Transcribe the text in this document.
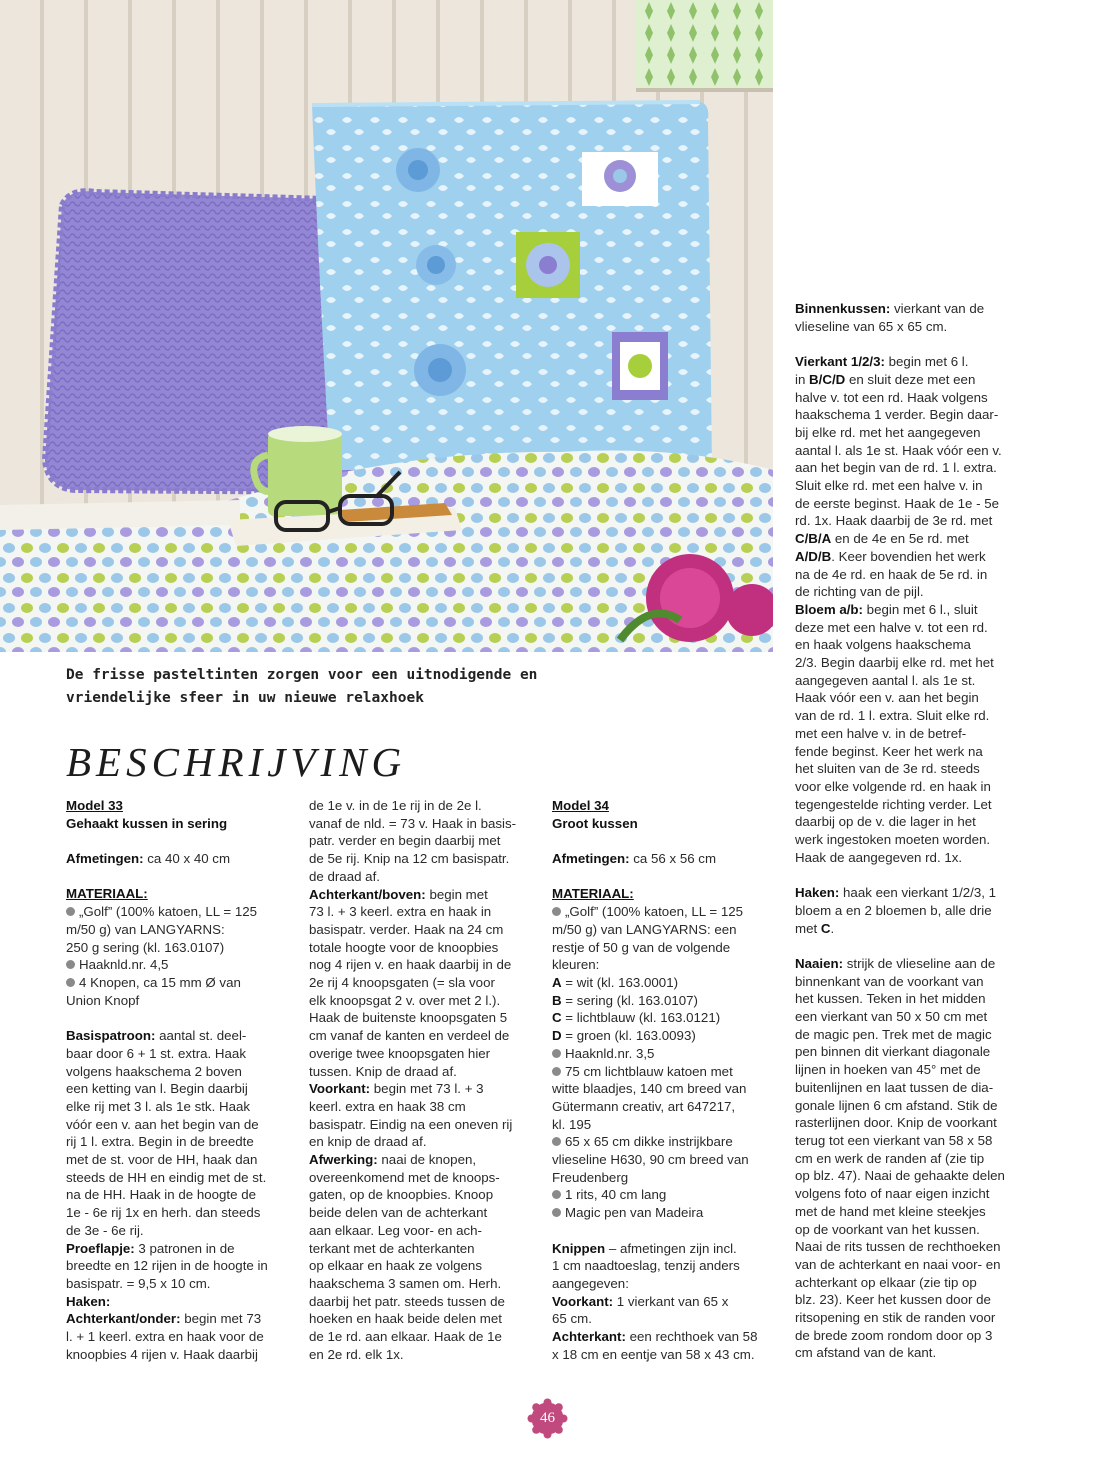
De frisse pasteltinten zorgen voor een uitnodigende en
vriendelijke sfeer in uw nieuwe relaxhoek

BESCHRIJVING

Model 33

Gehaakt kussen in sering

Afmetingen: ca 40 x 40 cm

MATERIAAL:

„Golf” (100% katoen, LL = 125

m/50 g) van LANGYARNS:

250 g sering (kl. 163.0107)

Haaknld.nr. 4,5

4 Knopen, ca 15 mm Ø van

Union Knopf

Basispatroon: aantal st. deel-

baar door 6 + 1 st. extra. Haak

volgens haakschema 2 boven

een ketting van l. Begin daarbij

elke rij met 3 l. als 1e stk. Haak

vóór een v. aan het begin van de

rij 1 l. extra. Begin in de breedte

met de st. voor de HH, haak dan

steeds de HH en eindig met de st.

na de HH. Haak in de hoogte de

1e - 6e rij 1x en herh. dan steeds

de 3e - 6e rij.

Proeflapje: 3 patronen in de

breedte en 12 rijen in de hoogte in

basispatr. = 9,5 x 10 cm.

Haken:

Achterkant/onder: begin met 73

l. + 1 keerl. extra en haak voor de

knoopbies 4 rijen v. Haak daarbij

de 1e v. in de 1e rij in de 2e l.

vanaf de nld. = 73 v. Haak in basis-

patr. verder en begin daarbij met

de 5e rij. Knip na 12 cm basispatr.

de draad af.

Achterkant/boven: begin met

73 l. + 3 keerl. extra en haak in

basispatr. verder. Haak na 24 cm

totale hoogte voor de knoopbies

nog 4 rijen v. en haak daarbij in de

2e rij 4 knoopsgaten (= sla voor

elk knoopsgat 2 v. over met 2 l.).

Haak de buitenste knoopsgaten 5

cm vanaf de kanten en verdeel de

overige twee knoopsgaten hier

tussen. Knip de draad af.

Voorkant: begin met 73 l. + 3

keerl. extra en haak 38 cm

basispatr. Eindig na een oneven rij

en knip de draad af.

Afwerking: naai de knopen,

overeenkomend met de knoops-

gaten, op de knoopbies. Knoop

beide delen van de achterkant

aan elkaar. Leg voor- en ach-

terkant met de achterkanten

op elkaar en haak ze volgens

haakschema 3 samen om. Herh.

daarbij het patr. steeds tussen de

hoeken en haak beide delen met

de 1e rd. aan elkaar. Haak de 1e

en 2e rd. elk 1x.

Model 34

Groot kussen

Afmetingen: ca 56 x 56 cm

MATERIAAL:

„Golf” (100% katoen, LL = 125

m/50 g) van LANGYARNS: een

restje of 50 g van de volgende

kleuren:

A = wit (kl. 163.0001)

B = sering (kl. 163.0107)

C = lichtblauw (kl. 163.0121)

D = groen (kl. 163.0093)

Haaknld.nr. 3,5

75 cm lichtblauw katoen met

witte blaadjes, 140 cm breed van

Gütermann creativ, art 647217,

kl. 195

65 x 65 cm dikke instrijkbare

vlieseline H630, 90 cm breed van

Freudenberg

1 rits, 40 cm lang

Magic pen van Madeira

Knippen – afmetingen zijn incl.

1 cm naadtoeslag, tenzij anders

aangegeven:

Voorkant: 1 vierkant van 65 x

65 cm.

Achterkant: een rechthoek van 58

x 18 cm en eentje van 58 x 43 cm.

Binnenkussen: vierkant van de

vlieseline van 65 x 65 cm.

Vierkant 1/2/3: begin met 6 l.

in B/C/D en sluit deze met een

halve v. tot een rd. Haak volgens

haakschema 1 verder. Begin daar-

bij elke rd. met het aangegeven

aantal l. als 1e st. Haak vóór een v.

aan het begin van de rd. 1 l. extra.

Sluit elke rd. met een halve v. in

de eerste beginst. Haak de 1e - 5e

rd. 1x. Haak daarbij de 3e rd. met

C/B/A en de 4e en 5e rd. met

A/D/B. Keer bovendien het werk

na de 4e rd. en haak de 5e rd. in

de richting van de pijl.

Bloem a/b: begin met 6 l., sluit

deze met een halve v. tot een rd.

en haak volgens haakschema

2/3. Begin daarbij elke rd. met het

aangegeven aantal l. als 1e st.

Haak vóór een v. aan het begin

van de rd. 1 l. extra. Sluit elke rd.

met een halve v. in de betref-

fende beginst. Keer het werk na

het sluiten van de 3e rd. steeds

voor elke volgende rd. en haak in

tegengestelde richting verder. Let

daarbij op de v. die lager in het

werk ingestoken moeten worden.

Haak de aangegeven rd. 1x.

Haken: haak een vierkant 1/2/3, 1

bloem a en 2 bloemen b, alle drie

met C.

Naaien: strijk de vlieseline aan de

binnenkant van de voorkant van

het kussen. Teken in het midden

een vierkant van 50 x 50 cm met

de magic pen. Trek met de magic

pen binnen dit vierkant diagonale

lijnen in hoeken van 45° met de

buitenlijnen en laat tussen de dia-

gonale lijnen 6 cm afstand. Stik de

rasterlijnen door. Knip de voorkant

terug tot een vierkant van 58 x 58

cm en werk de randen af (zie tip

op blz. 47). Naai de gehaakte delen

volgens foto of naar eigen inzicht

met de hand met kleine steekjes

op de voorkant van het kussen.

Naai de rits tussen de rechthoeken

van de achterkant en naai voor- en

achterkant op elkaar (zie tip op

blz. 23). Keer het kussen door de

ritsopening en stik de randen voor

de brede zoom rondom door op 3

cm afstand van de kant.

46
